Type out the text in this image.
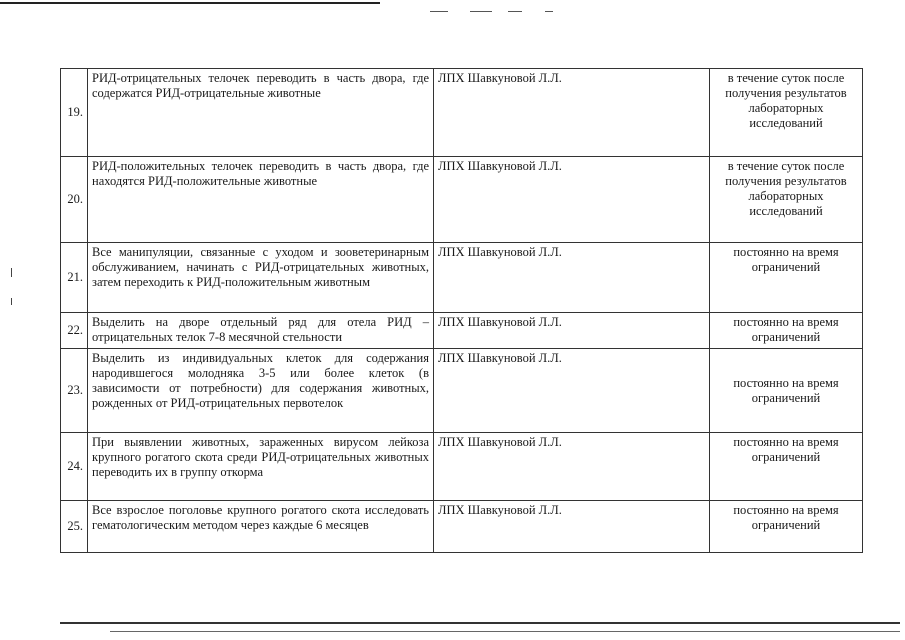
19.	РИД-отрицательных телочек переводить в часть двора, где содержатся РИД-отрицательные животные	ЛПХ Шавкуновой Л.Л.	в течение суток после получения результатов лабораторных исследований
20.	РИД-положительных телочек переводить в часть двора, где находятся РИД-положительные животные	ЛПХ Шавкуновой Л.Л.	в течение суток после получения результатов лабораторных исследований
21.	Все манипуляции, связанные с уходом и зооветеринарным обслуживанием, начинать с РИД-отрицательных животных, затем переходить к РИД-положительным животным	ЛПХ Шавкуновой Л.Л.	постоянно на время ограничений
22.	Выделить на дворе отдельный ряд для отела РИД – отрицательных телок 7-8 месячной стельности	ЛПХ Шавкуновой Л.Л.	постоянно на время ограничений
23.	Выделить из индивидуальных клеток для содержания народившегося молодняка 3-5 или более клеток (в зависимости от потребности) для содержания животных, рожденных от РИД-отрицательных первотелок	ЛПХ Шавкуновой Л.Л.	постоянно на время ограничений
24.	При выявлении животных, зараженных вирусом лейкоза крупного рогатого скота среди РИД-отрицательных животных переводить их в группу откорма	ЛПХ Шавкуновой Л.Л.	постоянно на время ограничений
25.	Все взрослое поголовье крупного рогатого скота исследовать гематологическим методом через каждые 6 месяцев	ЛПХ Шавкуновой Л.Л.	постоянно на время ограничений
